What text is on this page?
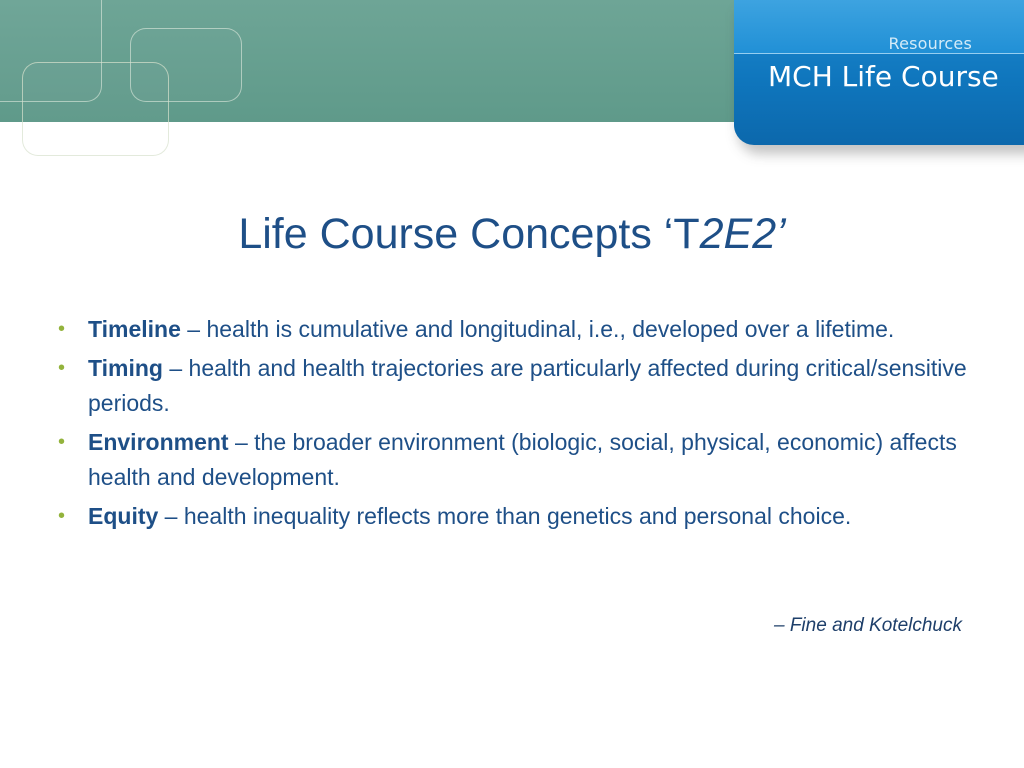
Resources
MCH Life Course
Life Course Concepts ‘T2E2’
• Timeline – health is cumulative and longitudinal, i.e., developed over a lifetime.
• Timing – health and health trajectories are particularly affected during critical/sensitive periods.
• Environment – the broader environment (biologic, social, physical, economic) affects health and development.
• Equity – health inequality reflects more than genetics and personal choice.
– Fine and Kotelchuck
